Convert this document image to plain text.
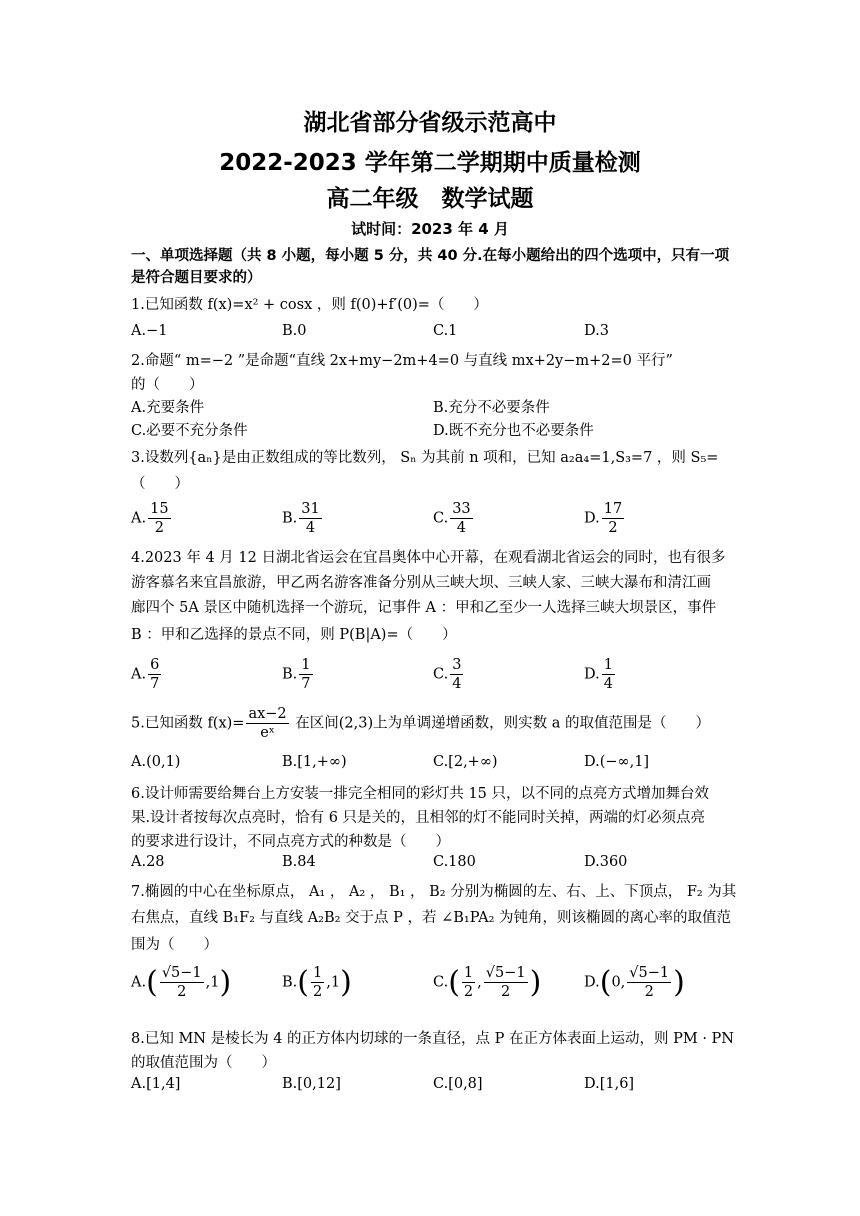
湖北省部分省级示范高中
2022-2023 学年第二学期期中质量检测
高二年级　数学试题
试时间：2023 年 4 月
一、单项选择题（共 8 小题，每小题 5 分，共 40 分.在每小题给出的四个选项中，只有一项
是符合题目要求的）
1.已知函数 f(x)=x² + cosx ，则 f(0)+f′(0)=（　　）
A.−1	B.0	C.1	D.3
2.命题“ m=−2 ”是命题“直线 2x+my−2m+4=0 与直线 mx+2y−m+2=0 平行”
的（　　）
A.充要条件	B.充分不必要条件
C.必要不充分条件	D.既不充分也不必要条件
3.设数列{aₙ}是由正数组成的等比数列， Sₙ 为其前 n 项和，已知 a₂a₄=1,S₃=7 ，则 S₅=
（　　）
A. $\frac{15}{2}$	B. $\frac{31}{4}$	C. $\frac{33}{4}$	D. $\frac{17}{2}$
4.2023 年 4 月 12 日湖北省运会在宜昌奥体中心开幕，在观看湖北省运会的同时，也有很多
游客慕名来宜昌旅游，甲乙两名游客准备分别从三峡大坝、三峡人家、三峡大瀑布和清江画
廊四个 5A 景区中随机选择一个游玩，记事件 A ：甲和乙至少一人选择三峡大坝景区，事件
B ：甲和乙选择的景点不同，则 P(B|A)=（　　）
A. $\frac{6}{7}$	B. $\frac{1}{7}$	C. $\frac{3}{4}$	D. $\frac{1}{4}$
5.已知函数 $f(x)= \frac{ax-2}{\text{eˣ}}$ 在区间(2,3)上为单调递增函数，则实数 a 的取值范围是（　　）
A.(0,1)	B.[1,+∞)	C.[2,+∞)	D.(−∞,1]
6.设计师需要给舞台上方安装一排完全相同的彩灯共 15 只，以不同的点亮方式增加舞台效
果.设计者按每次点亮时，恰有 6 只是关的，且相邻的灯不能同时关掉，两端的灯必须点亮
的要求进行设计，不同点亮方式的种数是（　　）
A.28	B.84	C.180	D.360
7.椭圆的中心在坐标原点， A₁ ， A₂ ， B₁ ， B₂ 分别为椭圆的左、右、上、下顶点， F₂ 为其
右焦点，直线 B₁F₂ 与直线 A₂B₂ 交于点 P ，若 ∠B₁PA₂ 为钝角，则该椭圆的离心率的取值范
围为（　　）
$A.( \frac{√5-1}{2} ,1)$	$B.( \frac{1}{2} ,1)$	$C.( \frac{1}{2}$ , $\frac{√5-1}{2}$ )	D.(0, $\frac{√5-1}{2}$ )
8.已知 MN 是棱长为 4 的正方体内切球的一条直径，点 P 在正方体表面上运动，则 PM · PN
的取值范围为（　　）
A.[1,4]	B.[0,12]	C.[0,8]	D.[1,6]
